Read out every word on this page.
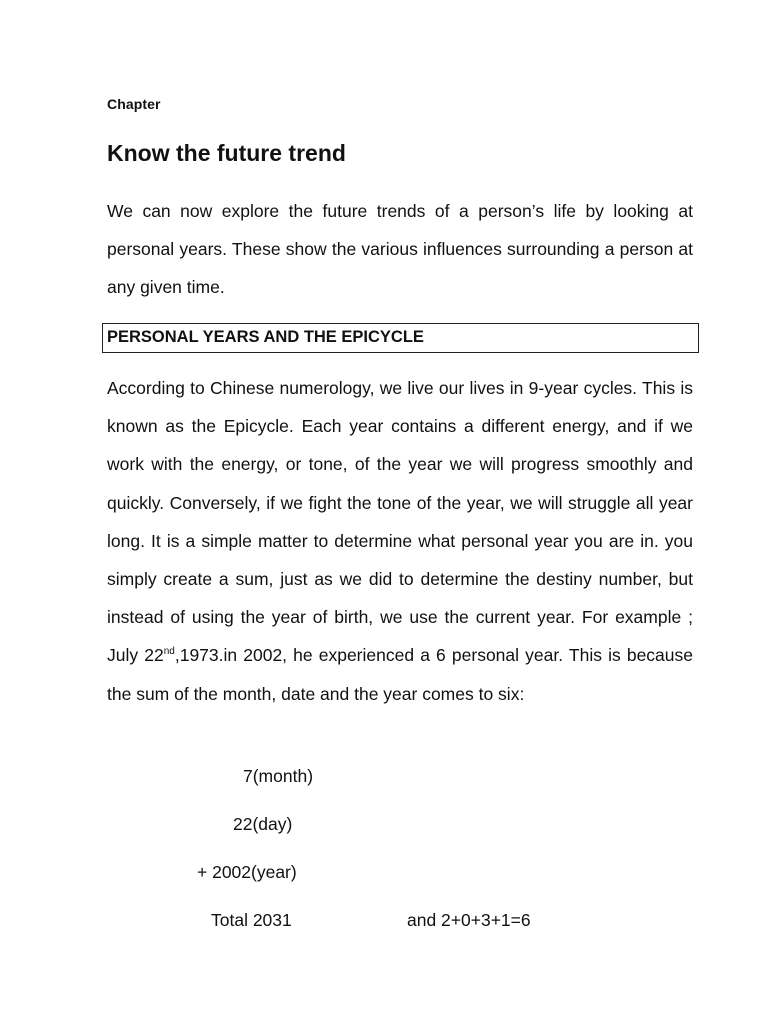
Chapter
Know the future trend

We can now explore the future trends of a person’s life by looking at personal years. These show the various influences surrounding a person at any given time.

PERSONAL YEARS AND THE EPICYCLE

According to Chinese numerology, we live our lives in 9-year cycles. This is known as the Epicycle. Each year contains a different energy, and if we work with the energy, or tone, of the year we will progress smoothly and quickly. Conversely, if we fight the tone of the year, we will struggle all year long. It is a simple matter to determine what personal year you are in. you simply create a sum, just as we did to determine the destiny number, but instead of using the year of birth, we use the current year. For example ; July 22nd,1973.in 2002, he experienced a 6 personal year. This is because the sum of the month, date and the year comes to six:

7(month)
22(day)
+ 2002(year)
Total 2031	and 2+0+3+1=6
